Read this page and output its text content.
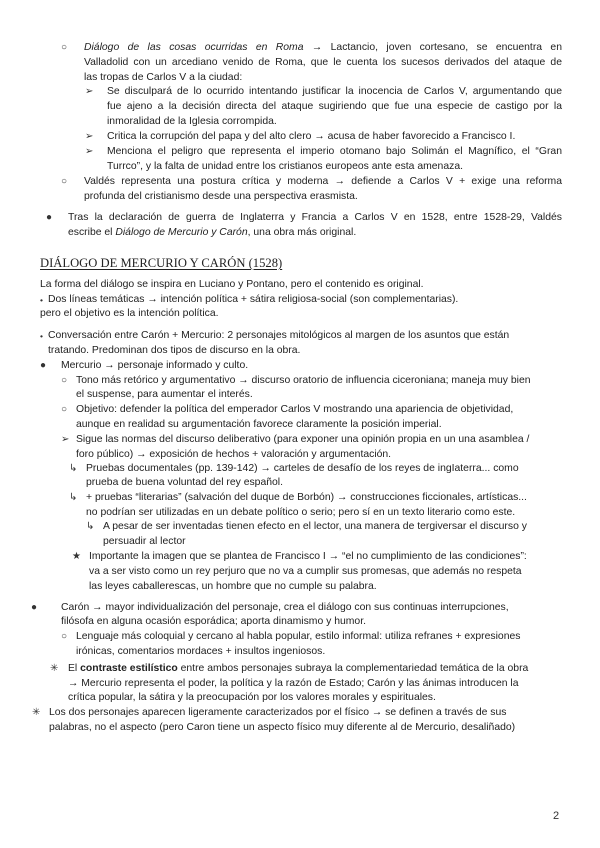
○ Diálogo de las cosas ocurridas en Roma → Lactancio, joven cortesano, se encuentra en
Valladolid con un arcediano venido de Roma, que le cuenta los sucesos derivados del ataque de
las tropas de Carlos V a la ciudad:
➢ Se disculpará de lo ocurrido intentando justificar la inocencia de Carlos V, argumentando que
fue ajeno a la decisión directa del ataque sugiriendo que fue una especie de castigo por la
inmoralidad de la Iglesia corrompida.
➢ Critica la corrupción del papa y del alto clero → acusa de haber favorecido a Francisco I.
➢ Menciona el peligro que representa el imperio otomano bajo Solimán el Magnífico, el “Gran
Turrco”, y la falta de unidad entre los cristianos europeos ante esta amenaza.
○ Valdés representa una postura crítica y moderna → defiende a Carlos V + exige una reforma
profunda del cristianismo desde una perspectiva erasmista.
● Tras la declaración de guerra de Inglaterra y Francia a Carlos V en 1528, entre 1528-29, Valdés
escribe el Diálogo de Mercurio y Carón, una obra más original.
DIÁLOGO DE MERCURIO Y CARÓN (1528)
La forma del diálogo se inspira en Luciano y Pontano, pero el contenido es original.
• Dos líneas temáticas → intención política + sátira religiosa-social (son complementarias).
pero el objetivo es la intención política.
• Conversación entre Carón + Mercurio: 2 personajes mitológicos al margen de los asuntos que están
tratando. Predominan dos tipos de discurso en la obra.
● Mercurio → personaje informado y culto.
○ Tono más retórico y argumentativo → discurso oratorio de influencia ciceroniana; maneja muy bien
el suspense, para aumentar el interés.
○ Objetivo: defender la política del emperador Carlos V mostrando una apariencia de objetividad,
aunque en realidad su argumentación favorece claramente la posición imperial.
➢ Sigue las normas del discurso deliberativo (para exponer una opinión propia en un una asamblea /
foro público) → exposición de hechos + valoración y argumentación.
↳ Pruebas documentales (pp. 139-142) → carteles de desafío de los reyes de ingIaterra... como
prueba de buena voluntad del rey español.
↳ + pruebas “literarias” (salvación del duque de Borbón) → construcciones ficcionales, artísticas...
no podrían ser utilizadas en un debate político o serio; pero sí en un texto literario como este.
↳ A pesar de ser inventadas tienen efecto en el lector, una manera de tergiversar el discurso y
persuadir al lector
★ Importante la imagen que se plantea de Francisco I → “el no cumplimiento de las condiciones”:
va a ser visto como un rey perjuro que no va a cumplir sus promesas, que además no respeta
las leyes caballerescas, un hombre que no cumple su palabra.
● Carón → mayor individualización del personaje, crea el diálogo con sus continuas interrupciones,
filósofa en alguna ocasión esporádica; aporta dinamismo y humor.
○ Lenguaje más coloquial y cercano al habla popular, estilo informal: utiliza refranes + expresiones
irónicas, comentarios mordaces + insultos ingeniosos.
✳ El contraste estilístico entre ambos personajes subraya la complementariedad temática de la obra
→ Mercurio representa el poder, la política y la razón de Estado; Carón y las ánimas introducen la
crítica popular, la sátira y la preocupación por los valores morales y espirituales.
✳ Los dos personajes aparecen ligeramente caracterizados por el físico → se definen a través de sus
palabras, no el aspecto (pero Caron tiene un aspecto físico muy diferente al de Mercurio, desaliñado)
2
